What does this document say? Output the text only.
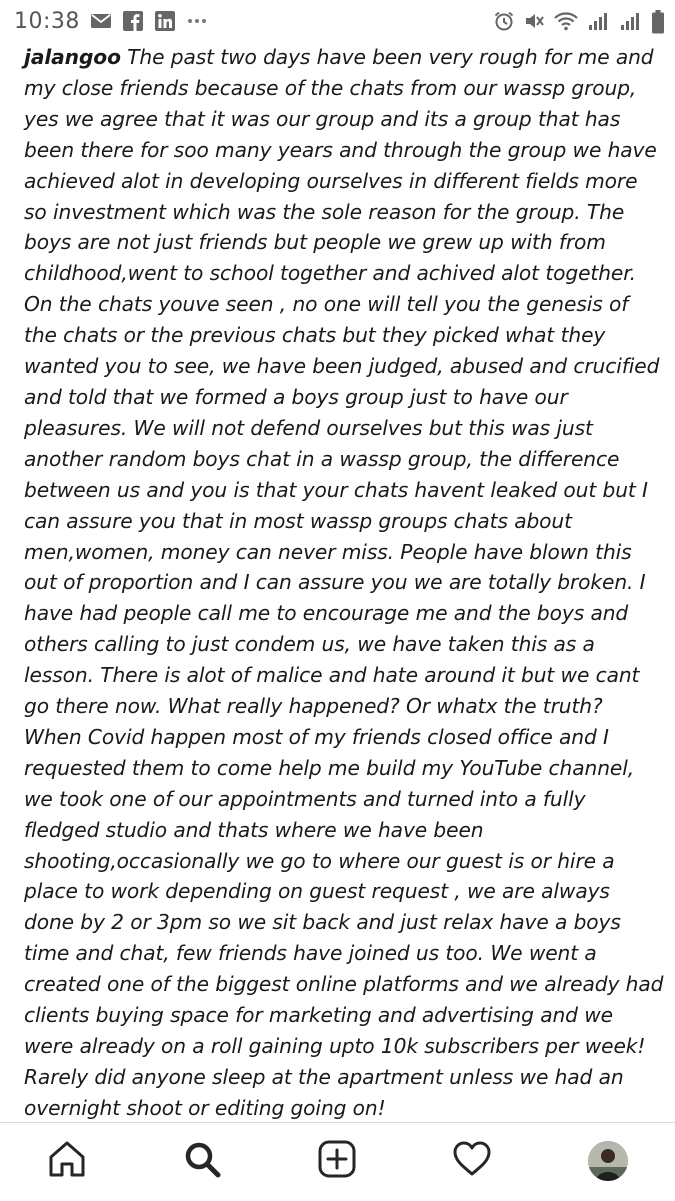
10:38
jalangoo The past two days have been very rough for me and my close friends because of the chats from our wassp group, yes we agree that it was our group and its a group that has been there for soo many years and through the group we have achieved alot in developing ourselves in different fields more so investment which was the sole reason for the group. The boys are not just friends but people we grew up with from childhood,went to school together and achived alot together. On the chats youve seen , no one will tell you the genesis of the chats or the previous chats but they picked what they wanted you to see, we have been judged, abused and crucified and told that we formed a boys group just to have our pleasures. We will not defend ourselves but this was just another random boys chat in a wassp group, the difference between us and you is that your chats havent leaked out but I can assure you that in most wassp groups chats about men,women, money can never miss. People have blown this out of proportion and I can assure you we are totally broken. I have had people call me to encourage me and the boys and others calling to just condem us, we have taken this as a lesson. There is alot of malice and hate around it but we cant go there now. What really happened? Or whatx the truth? When Covid happen most of my friends closed office and I requested them to come help me build my YouTube channel, we took one of our appointments and turned into a fully fledged studio and thats where we have been shooting,occasionally we go to where our guest is or hire a place to work depending on guest request , we are always done by 2 or 3pm so we sit back and just relax have a boys time and chat, few friends have joined us too. We went a created one of the biggest online platforms and we already had clients buying space for marketing and advertising and we were already on a roll gaining upto 10k subscribers per week! Rarely did anyone sleep at the apartment unless we had an overnight shoot or editing going on!
